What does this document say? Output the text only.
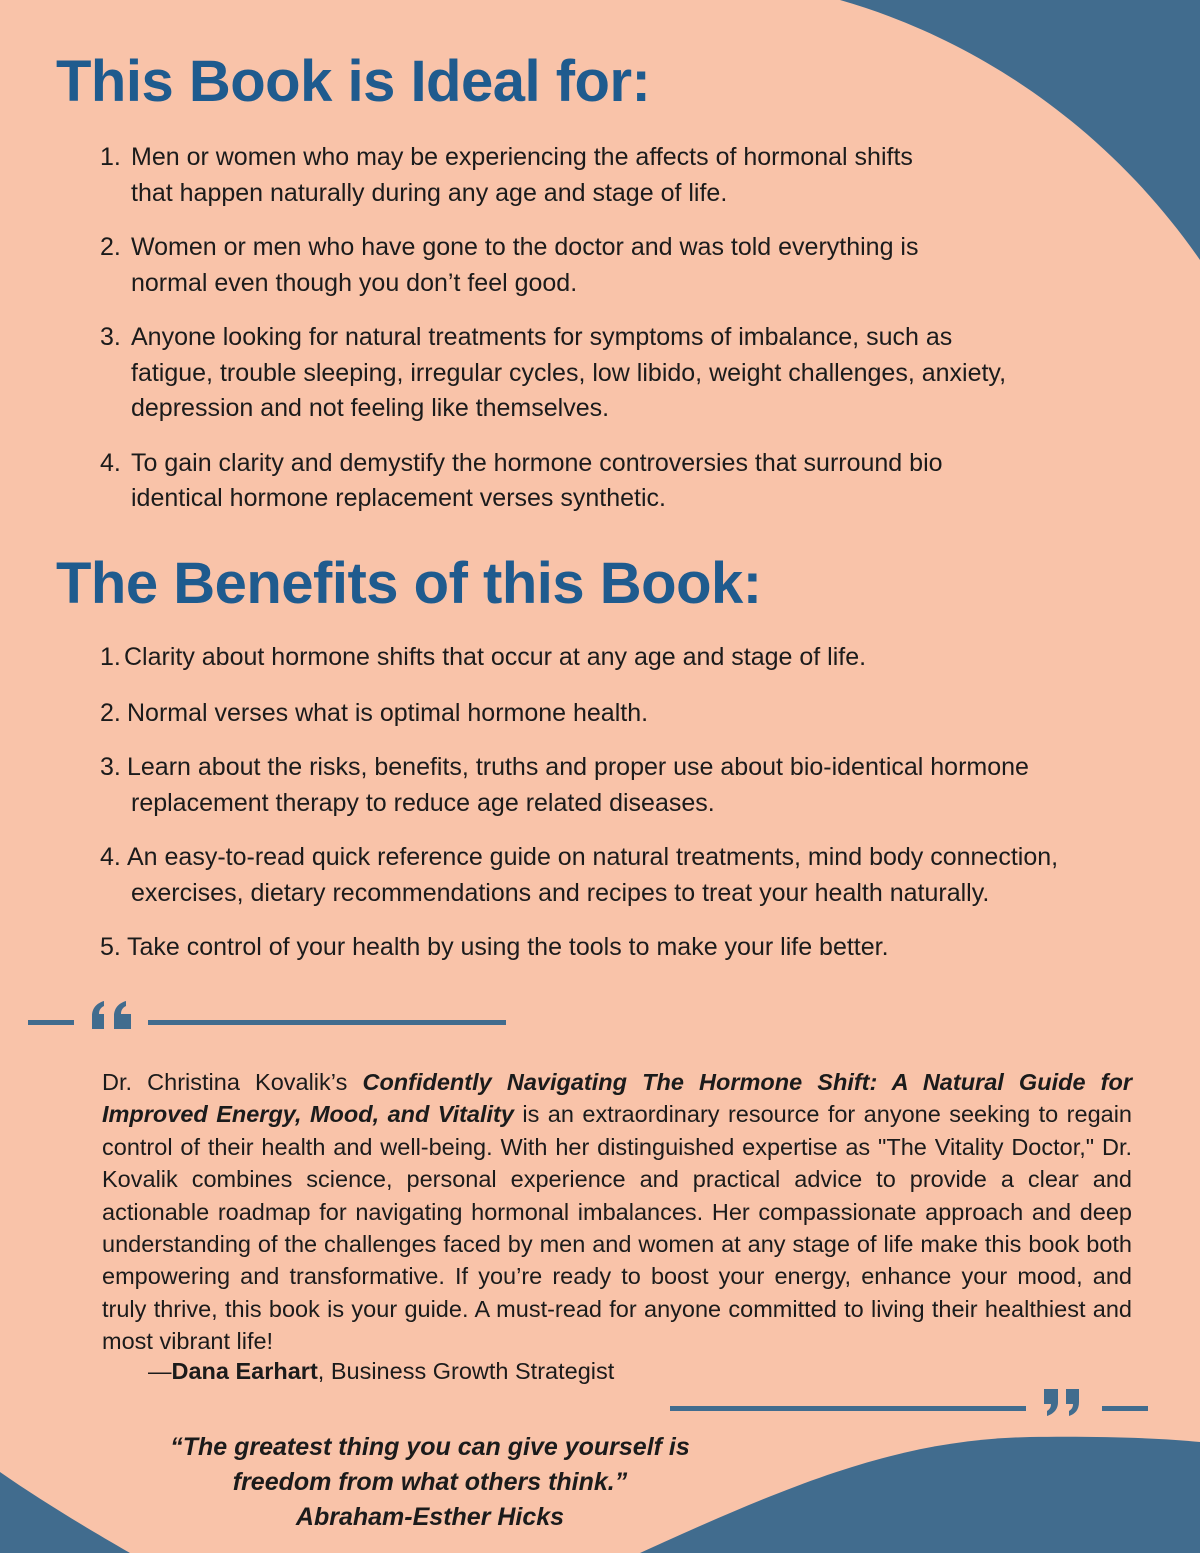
This Book is Ideal for:
1. Men or women who may be experiencing the affects of hormonal shifts
that happen naturally during any age and stage of life.
2. Women or men who have gone to the doctor and was told everything is
normal even though you don’t feel good.
3. Anyone looking for natural treatments for symptoms of imbalance, such as
fatigue, trouble sleeping, irregular cycles, low libido, weight challenges, anxiety,
depression and not feeling like themselves.
4. To gain clarity and demystify the hormone controversies that surround bio
identical hormone replacement verses synthetic.
The Benefits of this Book:
1. Clarity about hormone shifts that occur at any age and stage of life.
2. Normal verses what is optimal hormone health.
3. Learn about the risks, benefits, truths and proper use about bio-identical hormone
replacement therapy to reduce age related diseases.
4. An easy-to-read quick reference guide on natural treatments, mind body connection,
exercises, dietary recommendations and recipes to treat your health naturally.
5. Take control of your health by using the tools to make your life better.

Dr. Christina Kovalik’s Confidently Navigating The Hormone Shift: A Natural Guide for Improved Energy, Mood, and Vitality is an extraordinary resource for anyone seeking to regain control of their health and well-being. With her distinguished expertise as "The Vitality Doctor," Dr. Kovalik combines science, personal experience and practical advice to provide a clear and actionable roadmap for navigating hormonal imbalances. Her compassionate approach and deep understanding of the challenges faced by men and women at any stage of life make this book both empowering and transformative. If you’re ready to boost your energy, enhance your mood, and truly thrive, this book is your guide. A must-read for anyone committed to living their healthiest and most vibrant life!

—Dana Earhart, Business Growth Strategist
“The greatest thing you can give yourself is
freedom from what others think.”
Abraham-Esther Hicks
